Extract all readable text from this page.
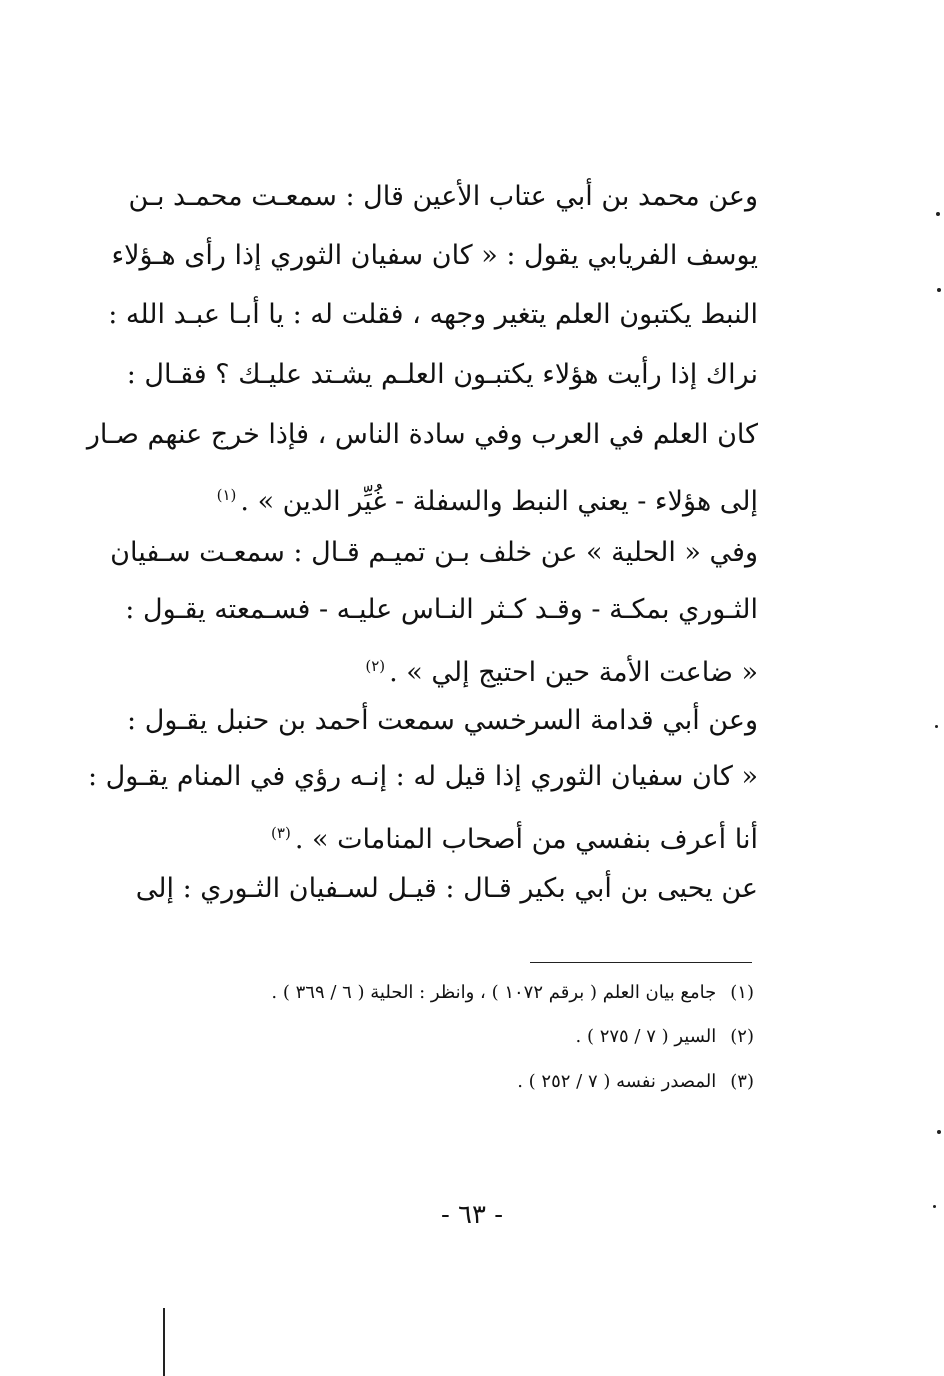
وعن محمد بن أبي عتاب الأعين قال : سمعـت محمـد بـن
يوسف الفريابي يقول : « كان سفيان الثوري إذا رأى هـؤلاء
النبط يكتبون العلم يتغير وجهه ، فقلت له : يا أبـا عبـد الله :
نراك إذا رأيت هؤلاء يكتبـون العلـم يشـتد عليـك ؟ فقـال :
كان العلم في العرب وفي سادة الناس ، فإذا خرج عنهم صـار
إلى هؤلاء - يعني النبط والسفلة - غُيِّر الدين » .$^{(١)}$
وفي « الحلية » عن خلف بـن تميـم قـال : سمعـت سـفيان
الثـوري بمكـة - وقـد كـثر النـاس عليـه - فسـمعته يقـول :
« ضاعت الأمة حين احتيج إلي » .$^{(٢)}$
وعن أبي قدامة السرخسي سمعت أحمد بن حنبل يقـول :
« كان سفيان الثوري إذا قيل له : إنـه رؤي في المنام يقـول :
أنا أعرف بنفسي من أصحاب المنامات » .$^{(٣)}$
عن يحيى بن أبي بكير قـال : قيـل لسـفيان الثـوري : إلى
(١)جامع بيان العلم ( برقم ١٠٧٢ ) ، وانظر : الحلية ( ٦ / ٣٦٩ ) .
(٢)السير ( ٧ / ٢٧٥ ) .
(٣)المصدر نفسه ( ٧ / ٢٥٢ ) .
- ٦٣ -
